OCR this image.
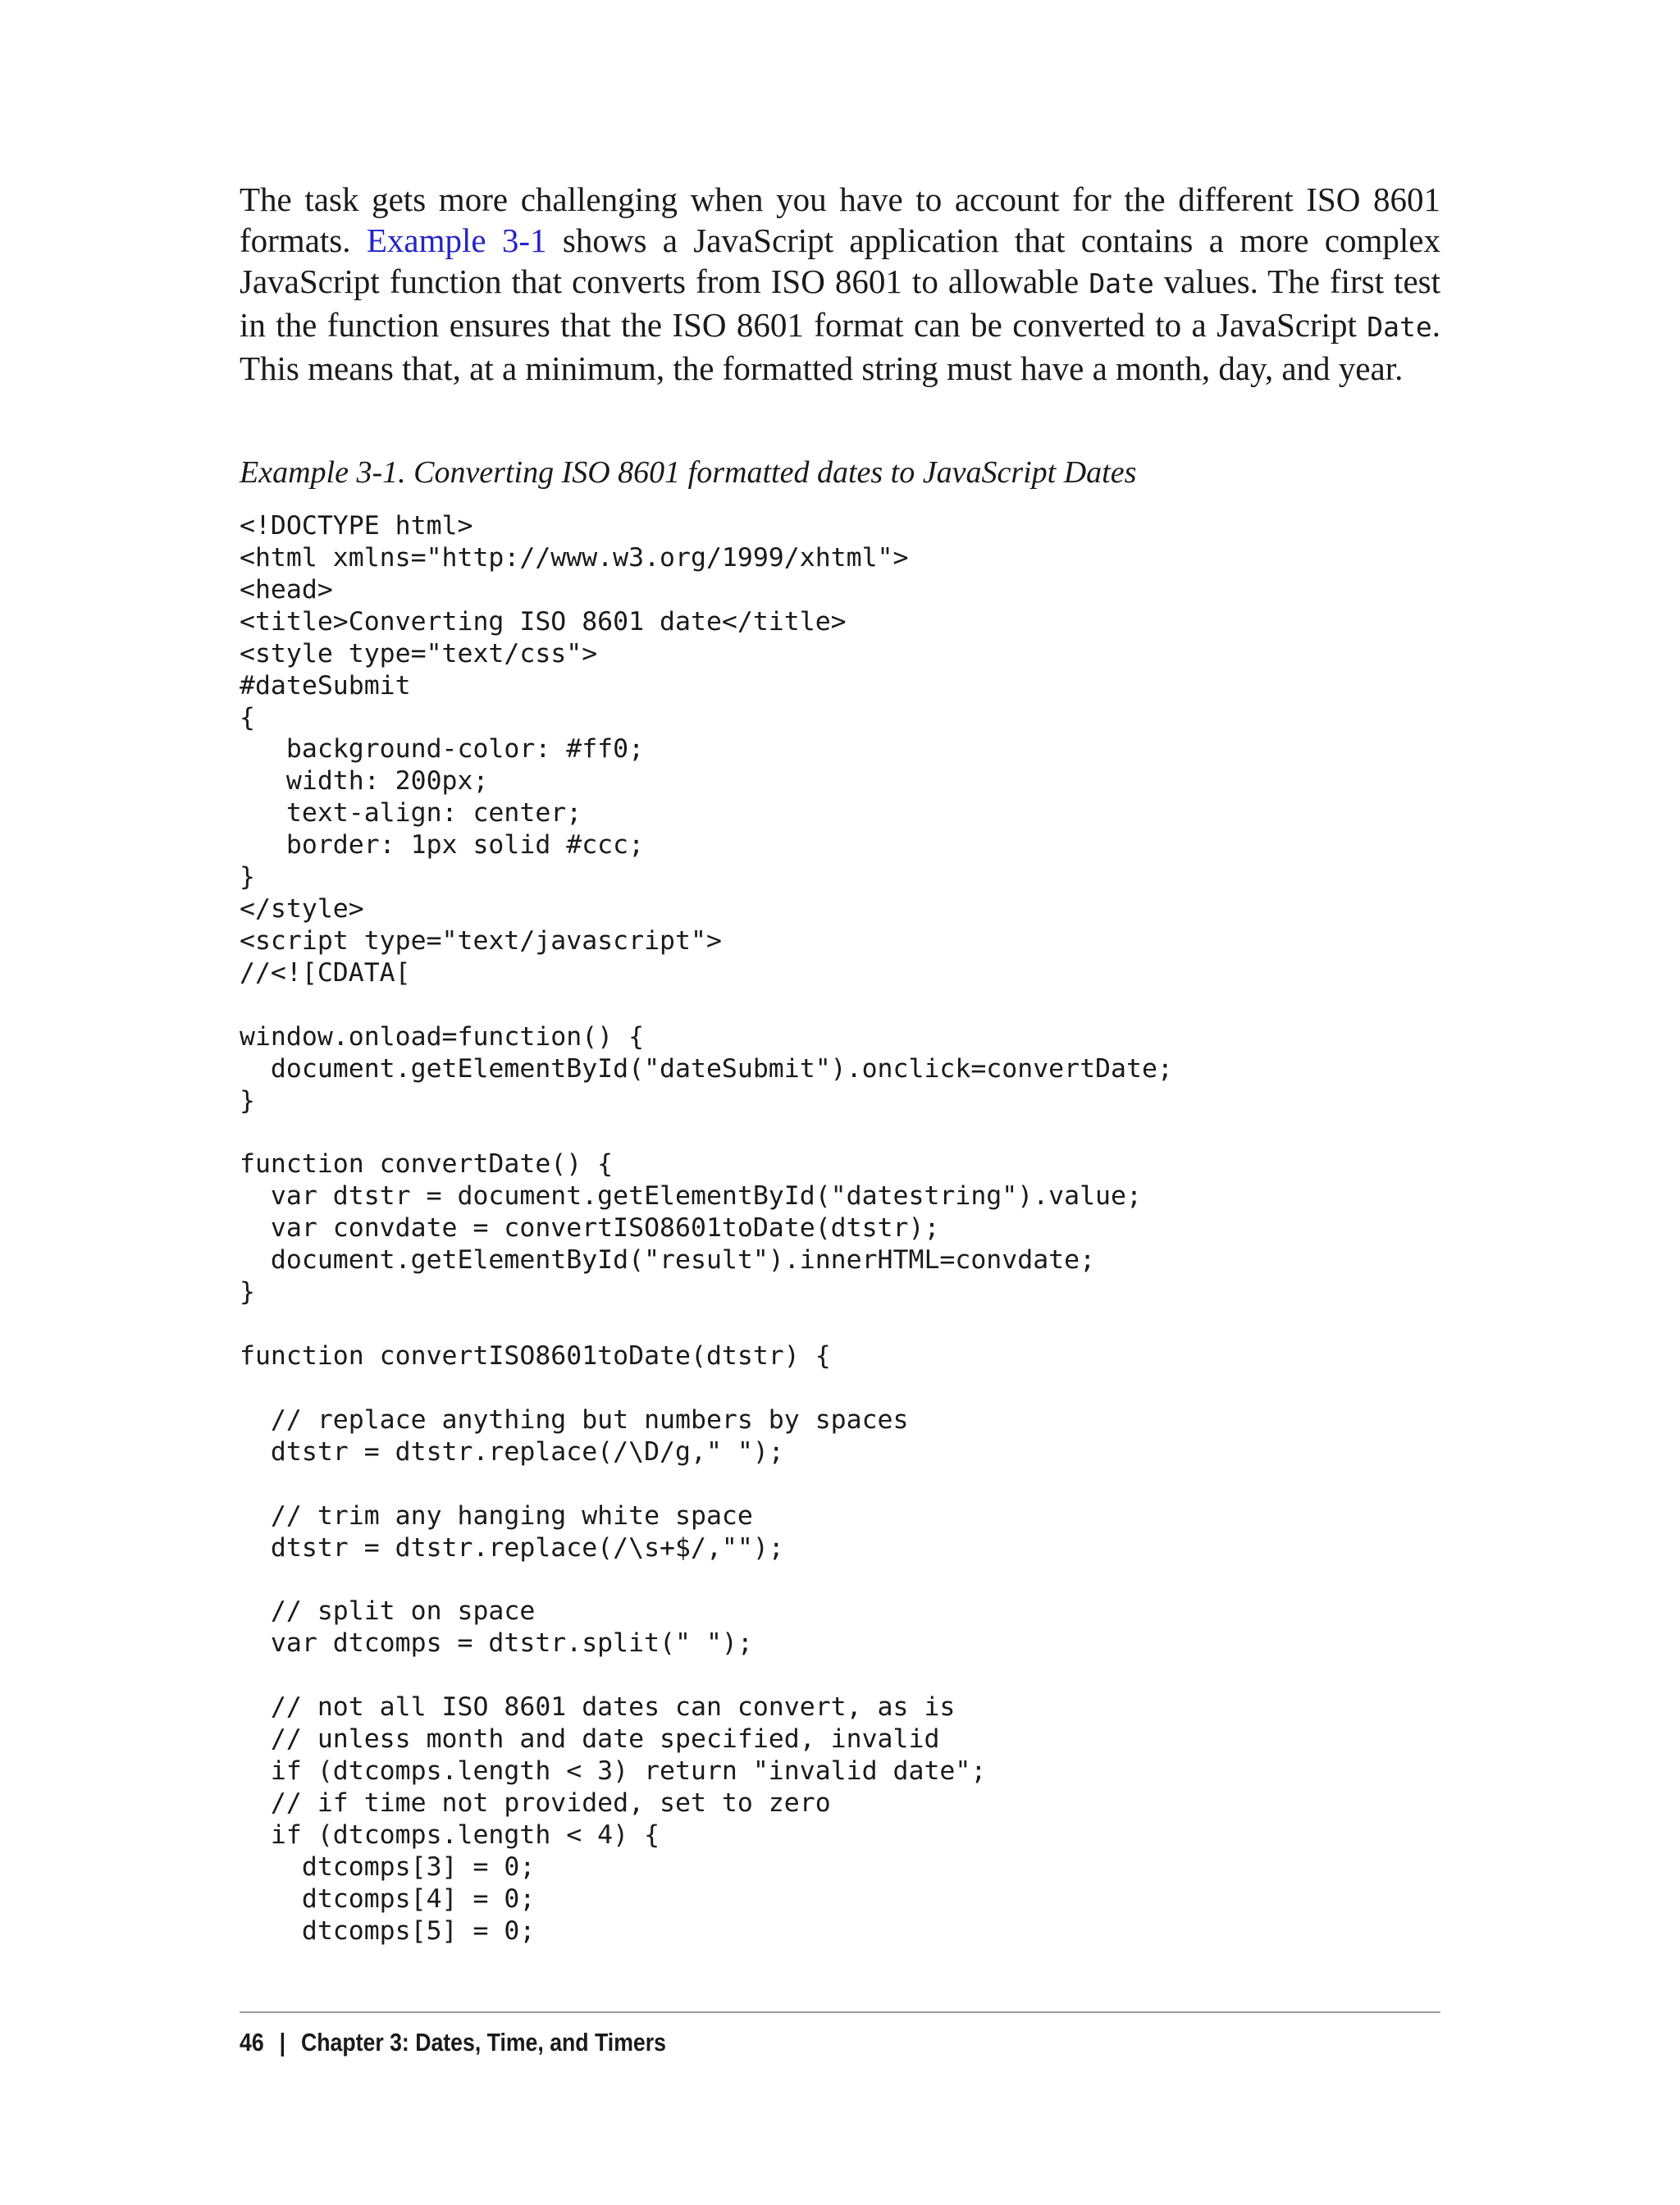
The task gets more challenging when you have to account for the different ISO 8601 formats. Example 3-1 shows a JavaScript application that contains a more complex JavaScript function that converts from ISO 8601 to allowable Date values. The first test in the function ensures that the ISO 8601 format can be converted to a JavaScript Date. This means that, at a minimum, the formatted string must have a month, day, and year.

Example 3-1. Converting ISO 8601 formatted dates to JavaScript Dates

<!DOCTYPE html>
<html xmlns="http://www.w3.org/1999/xhtml">
<head>
<title>Converting ISO 8601 date</title>
<style type="text/css">
#dateSubmit
{
background-color: #ff0;
width: 200px;
text-align: center;
border: 1px solid #ccc;
}
</style>
<script type="text/javascript">
//<![CDATA[

window.onload=function() {
document.getElementById("dateSubmit").onclick=convertDate;
}

function convertDate() {
var dtstr = document.getElementById("datestring").value;
var convdate = convertISO8601toDate(dtstr);
document.getElementById("result").innerHTML=convdate;
}

function convertISO8601toDate(dtstr) {

// replace anything but numbers by spaces
dtstr = dtstr.replace(/\D/g," ");

// trim any hanging white space
dtstr = dtstr.replace(/\s+$/,"");

// split on space
var dtcomps = dtstr.split(" ");

// not all ISO 8601 dates can convert, as is
// unless month and date specified, invalid
if (dtcomps.length < 3) return "invalid date";
// if time not provided, set to zero
if (dtcomps.length < 4) {
dtcomps[3] = 0;
dtcomps[4] = 0;
dtcomps[5] = 0;
46 | Chapter 3: Dates, Time, and Timers
